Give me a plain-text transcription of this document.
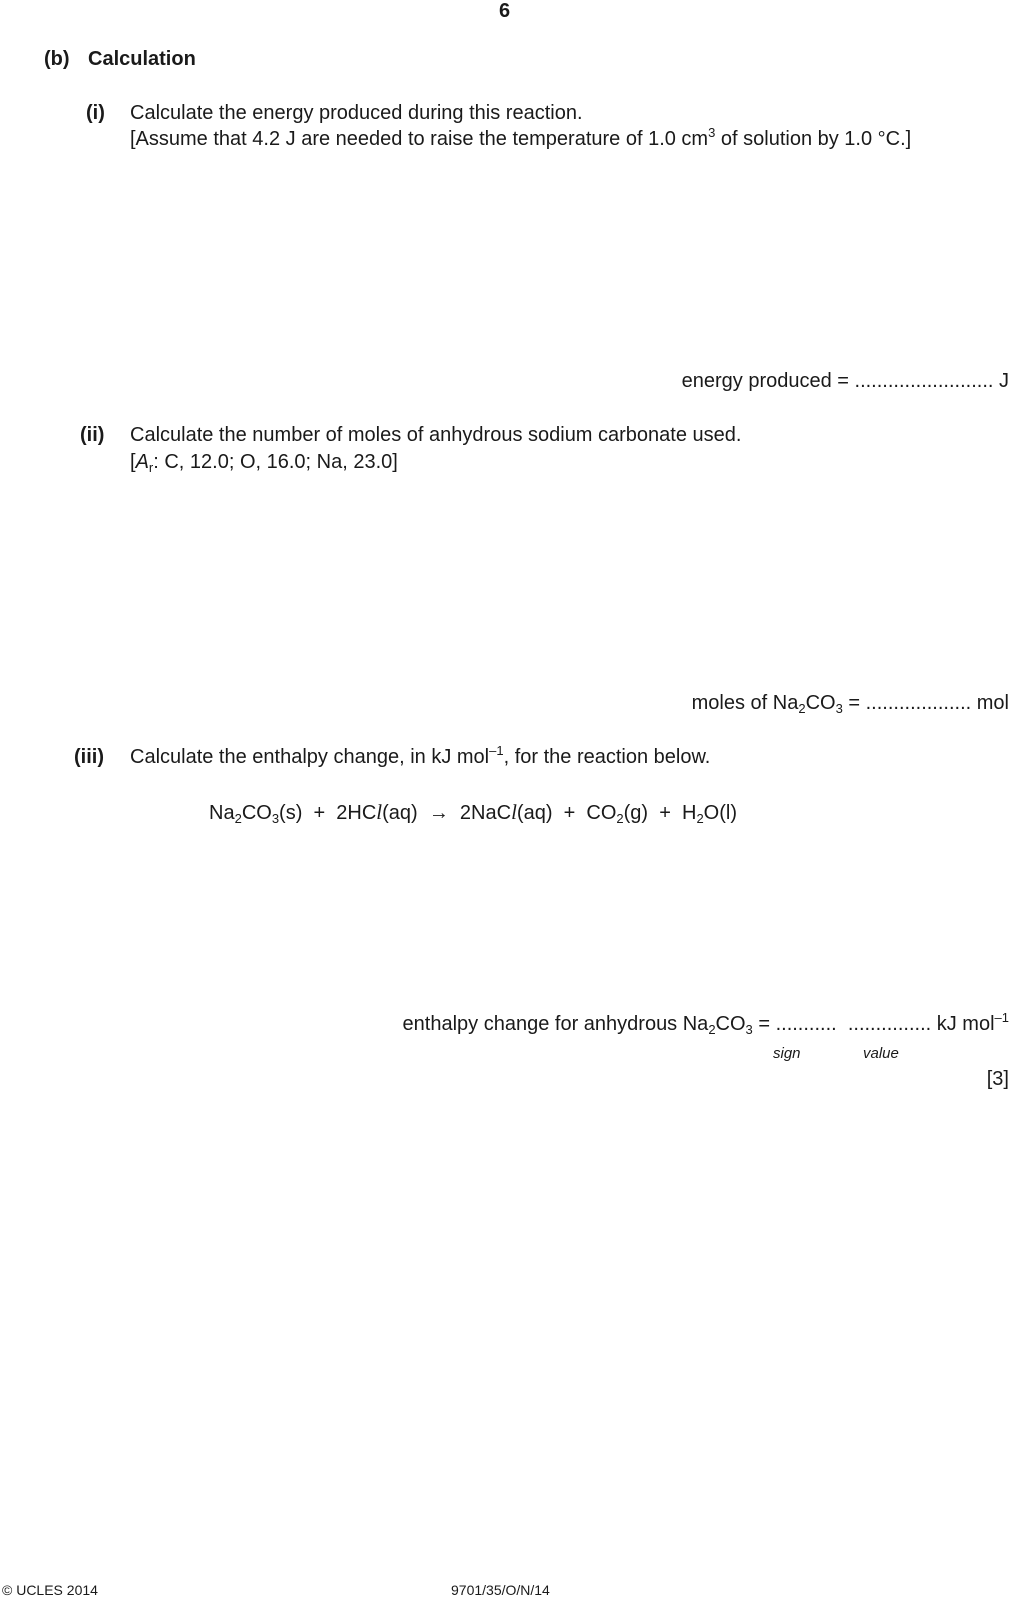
6
(b) Calculation
(i) Calculate the energy produced during this reaction.
[Assume that 4.2 J are needed to raise the temperature of 1.0 $cm^3$ of solution by 1.0 °C.]
energy produced = ......................... J
(ii) Calculate the number of moles of anhydrous sodium carbonate used.
[$A_r$: C, 12.0; O, 16.0; Na, 23.0]
moles of $Na_2CO_3$ = ................... mol
(iii) Calculate the enthalpy change, in kJ mol$^{-1}$, for the reaction below.
$Na_2CO_3(s) + 2HCl(aq)$  →  2NaCl(aq)  +  $CO_2(g) + H_2O(l)$
enthalpy change for anhydrous $Na_2CO_3$ = ........... ............... kJ mol$^{-1}$
sign	value
[3]
© UCLES 2014	9701/35/O/N/14
